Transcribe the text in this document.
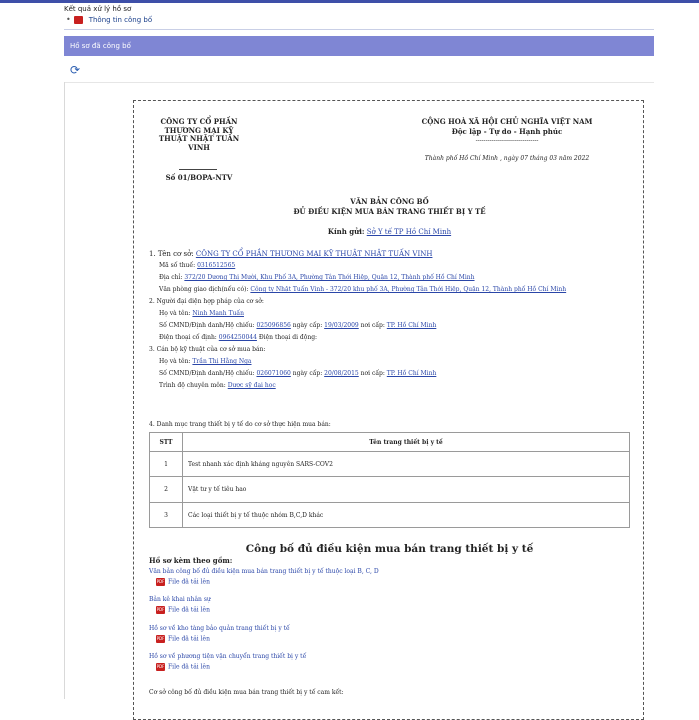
Kết quả xử lý hồ sơ
•	Thông tin công bố
Hồ sơ đã công bố
⟳
CÔNG TY CỔ PHẦN
THƯƠNG MẠI KỸ
THUẬT NHẬT TUẤN
VINH
Số 01/BOPA-NTV
CỘNG HOÀ XÃ HỘI CHỦ NGHĨA VIỆT NAM
Độc lập - Tự do - Hạnh phúc
-------------------------------
Thành phố Hồ Chí Minh , ngày 07 tháng 03 năm 2022
VĂN BẢN CÔNG BỐ
ĐỦ ĐIỀU KIỆN MUA BÁN TRANG THIẾT BỊ Y TẾ
Kính gửi: Sở Y tế TP Hồ Chí Minh
1. Tên cơ sở: CÔNG TY CỔ PHẦN THƯƠNG MẠI KỸ THUẬT NHẬT TUẤN VINH
Mã số thuế: 0316512565
Địa chỉ: 372/20 Dương Thị Mười, Khu Phố 3A, Phường Tân Thới Hiệp, Quận 12, Thành phố Hồ Chí Minh
Văn phòng giao dịch(nếu có): Công ty Nhật Tuấn Vinh - 372/20 khu phố 3A, Phường Tân Thới Hiệp, Quận 12, Thành phố Hồ Chí Minh
2. Người đại diện hợp pháp của cơ sở:
Họ và tên: Ninh Mạnh Tuấn
Số CMND/Định danh/Hộ chiếu: 025096856 ngày cấp: 19/03/2009 nơi cấp: TP. Hồ Chí Minh
Điện thoại cố định: 0964250044 Điện thoại di động:
3. Cán bộ kỹ thuật của cơ sở mua bán:
Họ và tên: Trần Thị Hằng Nga
Số CMND/Định danh/Hộ chiếu: 026071060 ngày cấp: 20/08/2015 nơi cấp: TP. Hồ Chí Minh
Trình độ chuyên môn: Dược sỹ đại học
4. Danh mục trang thiết bị y tế do cơ sở thực hiện mua bán:
STT	Tên trang thiết bị y tế
1	Test nhanh xác định kháng nguyên SARS-COV2
2	Vật tư y tế tiêu hao
3	Các loại thiết bị y tế thuộc nhóm B,C,D khác
Công bố đủ điều kiện mua bán trang thiết bị y tế
Hồ sơ kèm theo gồm:
Văn bản công bố đủ điều kiện mua bán trang thiết bị y tế thuộc loại B, C, D
PDF File đã tải lên
Bản kê khai nhân sự
PDF File đã tải lên
Hồ sơ về kho tàng bảo quản trang thiết bị y tế
PDF File đã tải lên
Hồ sơ về phương tiện vận chuyển trang thiết bị y tế
PDF File đã tải lên
Cơ sở công bố đủ điều kiện mua bán trang thiết bị y tế cam kết:
